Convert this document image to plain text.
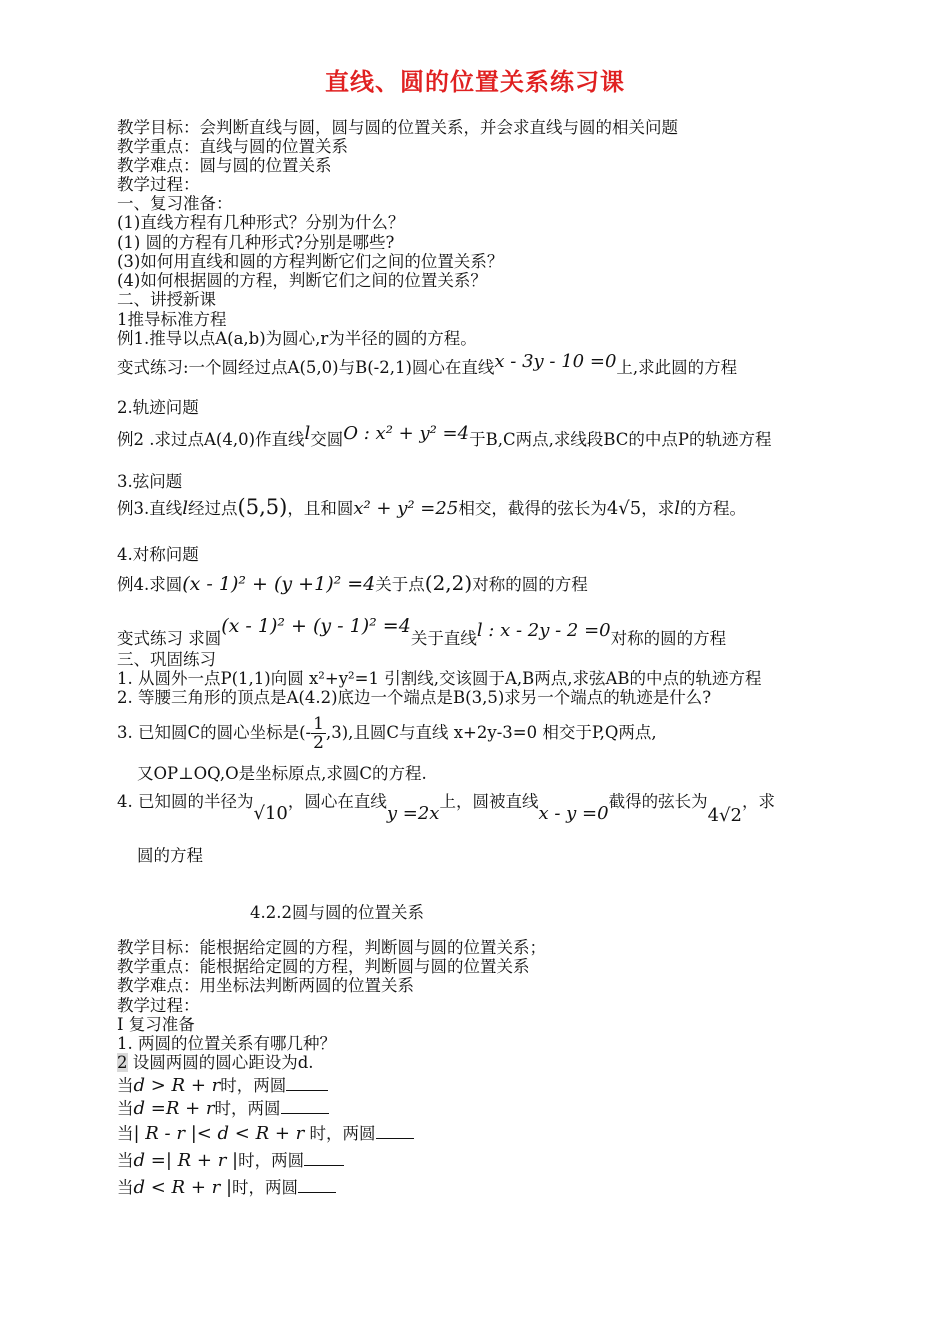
直线、圆的位置关系练习课
教学目标：会判断直线与圆，圆与圆的位置关系，并会求直线与圆的相关问题
教学重点：直线与圆的位置关系
教学难点：圆与圆的位置关系
教学过程：
一、复习准备：
(1)直线方程有几种形式？分别为什么？
(1) 圆的方程有几种形式?分别是哪些?
(3)如何用直线和圆的方程判断它们之间的位置关系？
(4)如何根据圆的方程，判断它们之间的位置关系？
二、讲授新课
1推导标准方程
例1.推导以点A(a,b)为圆心,r为半径的圆的方程。
变式练习:一个圆经过点A(5,0)与B(-2,1)圆心在直线x - 3y - 10 =0上,求此圆的方程
2.轨迹问题
例2 .求过点A(4,0)作直线l交圆O : x² + y² =4于B,C两点,求线段BC的中点P的轨迹方程
3.弦问题
例3.直线l经过点(5,5)，且和圆x² + y² =25相交，截得的弦长为4√5，求l的方程。
4.对称问题
例4.求圆(x - 1)² + (y +1)² =4关于点(2,2)对称的圆的方程
变式练习 求圆(x - 1)² + (y - 1)² =4关于直线l : x - 2y - 2 =0对称的圆的方程
三、巩固练习
1. 从圆外一点P(1,1)向圆 x²+y²=1 引割线,交该圆于A,B两点,求弦AB的中点的轨迹方程
2. 等腰三角形的顶点是A(4.2)底边一个端点是B(3,5)求另一个端点的轨迹是什么?
3. 已知圆C的圆心坐标是(- $\frac{1}{2} ,3$),且圆C与直线 x+2y-3=0 相交于P,Q两点,
又OP⊥OQ,O是坐标原点,求圆C的方程.
4. 已知圆的半径为√10，圆心在直线y =2x上，圆被直线x - y =0截得的弦长为4√2，求
圆的方程
4.2.2圆与圆的位置关系
教学目标：能根据给定圆的方程，判断圆与圆的位置关系；
教学重点：能根据给定圆的方程，判断圆与圆的位置关系
教学难点：用坐标法判断两圆的位置关系
教学过程：
I 复习准备
1. 两圆的位置关系有哪几种？
2 设圆两圆的圆心距设为d.
当d > R + r时，两圆
当d =R + r时，两圆
当| R - r |< d < R + r 时，两圆
当d =| R + r |时，两圆
当d < R + r |时，两圆
